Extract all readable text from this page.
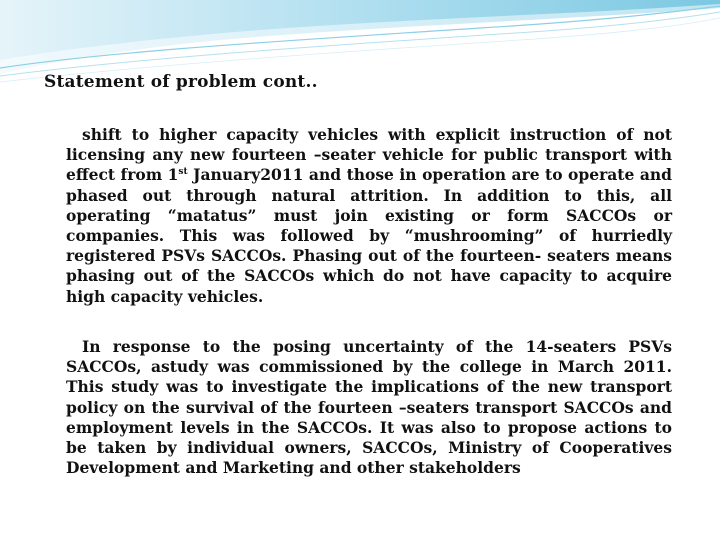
Statement of problem cont..

shift to higher capacity vehicles with explicit instruction of not licensing any new fourteen –seater vehicle for public transport with effect from 1st January2011 and those in operation are to operate and phased out through natural attrition. In addition to this, all operating “matatus” must join existing or form SACCOs or companies. This was followed by “mushrooming” of hurriedly registered PSVs SACCOs. Phasing out of the fourteen- seaters means phasing out of the SACCOs which do not have capacity to acquire high capacity vehicles.

In response to the posing uncertainty of the 14-seaters PSVs SACCOs, astudy was commissioned by the college in March 2011. This study was to investigate the implications of the new transport policy on the survival of the fourteen –seaters transport SACCOs and employment levels in the SACCOs. It was also to propose actions to be taken by individual owners, SACCOs, Ministry of Cooperatives Development and Marketing and other stakeholders
